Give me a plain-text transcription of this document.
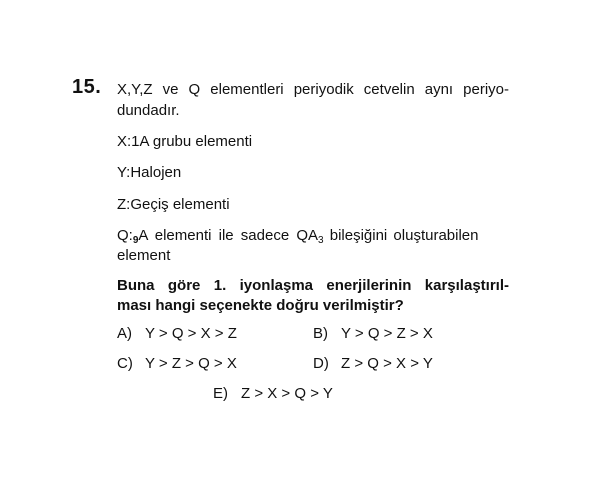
15. X,Y,Z ve Q elementleri periyodik cetvelin aynı periyo-
dundadır.
X:1A grubu elementi
Y:Halojen
Z:Geçiş elementi
$Q:_9A$ elementi ile sadece $QA_3$ bileşiğini oluşturabilen
element
Buna göre 1. iyonlaşma enerjilerinin karşılaştırıl-
ması hangi seçenekte doğru verilmiştir?
A) Y > Q > X > Z	B) Y > Q > Z > X
C) Y > Z > Q > X	D) Z > Q > X > Y
E) Z > X > Q > Y
